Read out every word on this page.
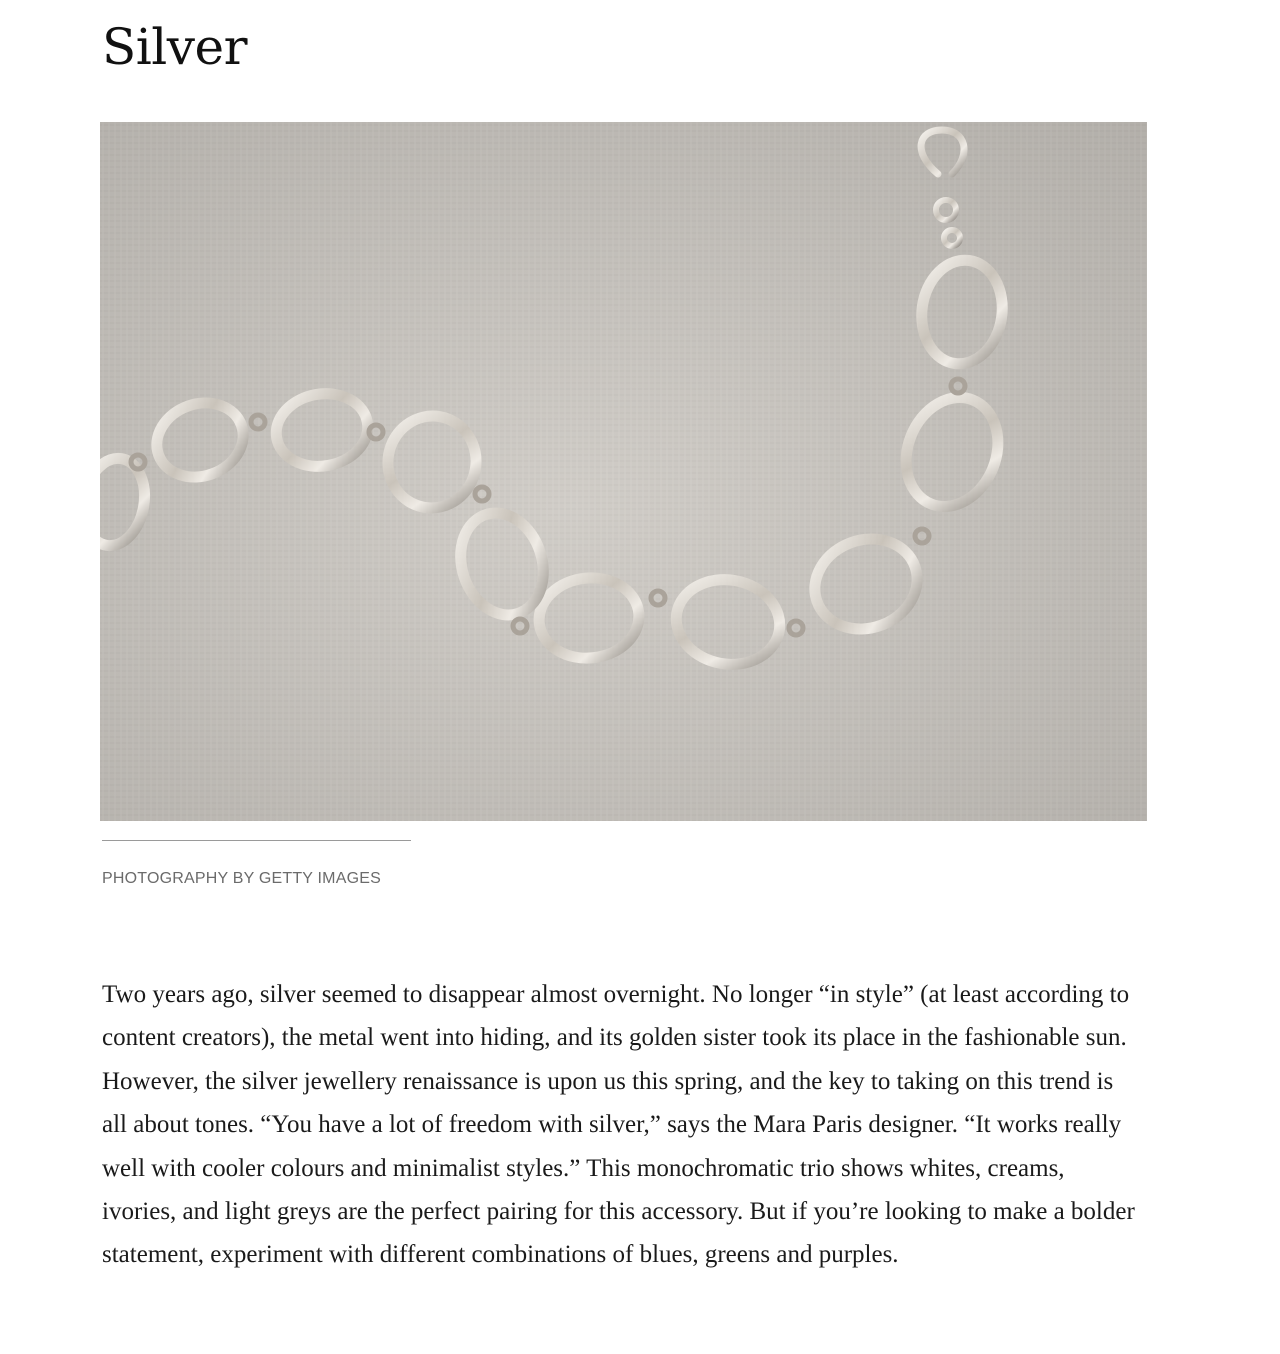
Silver

PHOTOGRAPHY BY GETTY IMAGES

Two years ago, silver seemed to disappear almost overnight. No longer “in style” (at least according to content creators), the metal went into hiding, and its golden sister took its place in the fashionable sun. However, the silver jewellery renaissance is upon us this spring, and the key to taking on this trend is all about tones. “You have a lot of freedom with silver,” says the Mara Paris designer. “It works really well with cooler colours and minimalist styles.” This monochromatic trio shows whites, creams, ivories, and light greys are the perfect pairing for this accessory. But if you’re looking to make a bolder statement, experiment with different combinations of blues, greens and purples.
